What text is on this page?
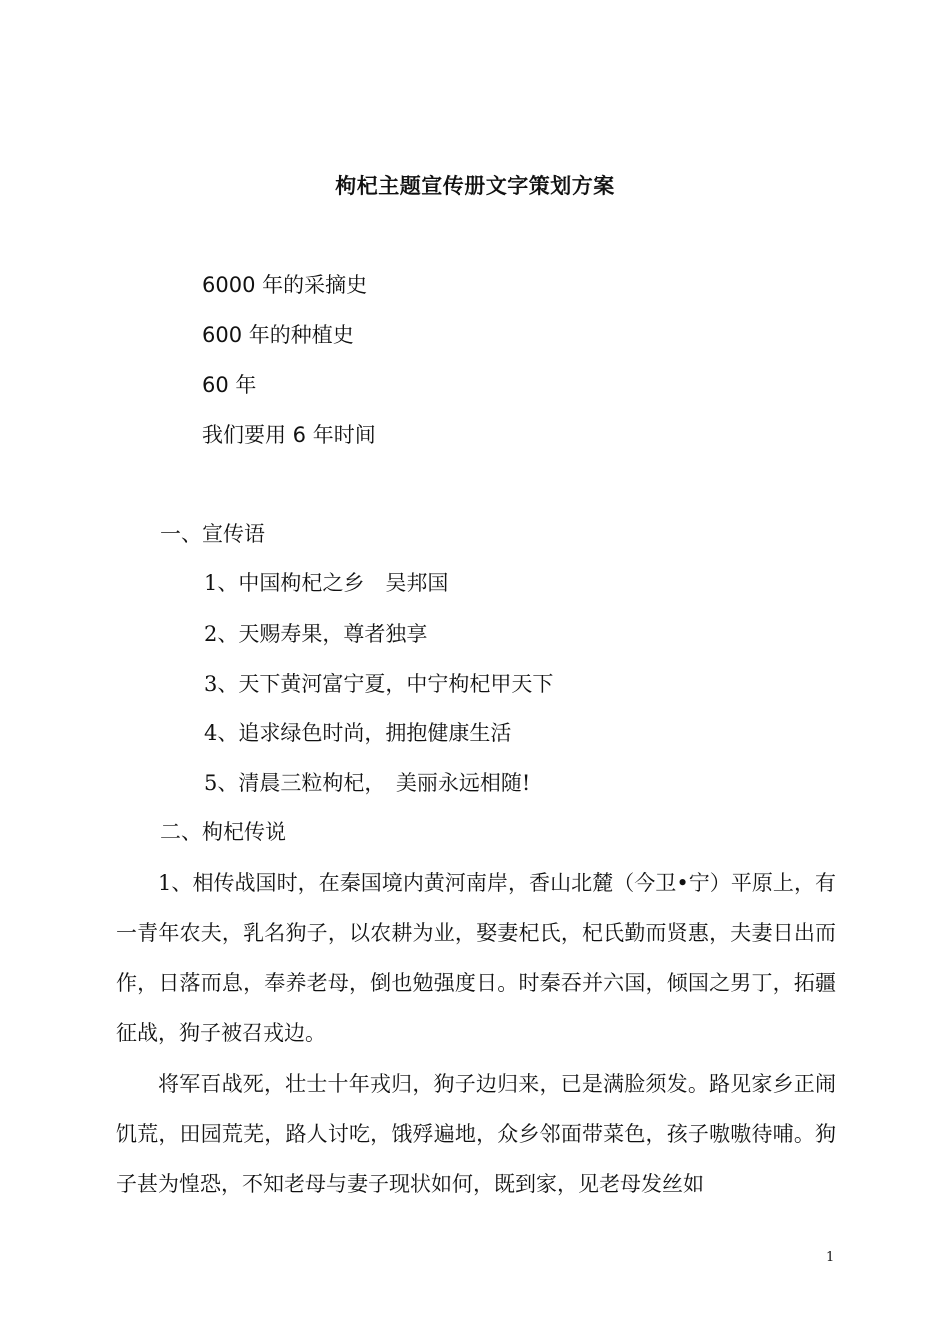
枸杞主题宣传册文字策划方案
6000 年的采摘史
600 年的种植史
60 年
我们要用 6 年时间
一、宣传语
1、中国枸杞之乡　吴邦国
2、天赐寿果，尊者独享
3、天下黄河富宁夏，中宁枸杞甲天下
4、追求绿色时尚，拥抱健康生活
5、清晨三粒枸杞，　美丽永远相随!
二、枸杞传说
1、相传战国时，在秦国境内黄河南岸，香山北麓（今卫•宁）平原上，有一青年农夫，乳名狗子，以农耕为业，娶妻杞氏，杞氏勤而贤惠，夫妻日出而作，日落而息，奉养老母，倒也勉强度日。时秦吞并六国，倾国之男丁，拓疆征战，狗子被召戎边。
将军百战死，壮士十年戎归，狗子边归来，已是满脸须发。路见家乡正闹饥荒，田园荒芜，路人讨吃，饿殍遍地，众乡邻面带菜色，孩子嗷嗷待哺。狗子甚为惶恐，不知老母与妻子现状如何，既到家，见老母发丝如
1
